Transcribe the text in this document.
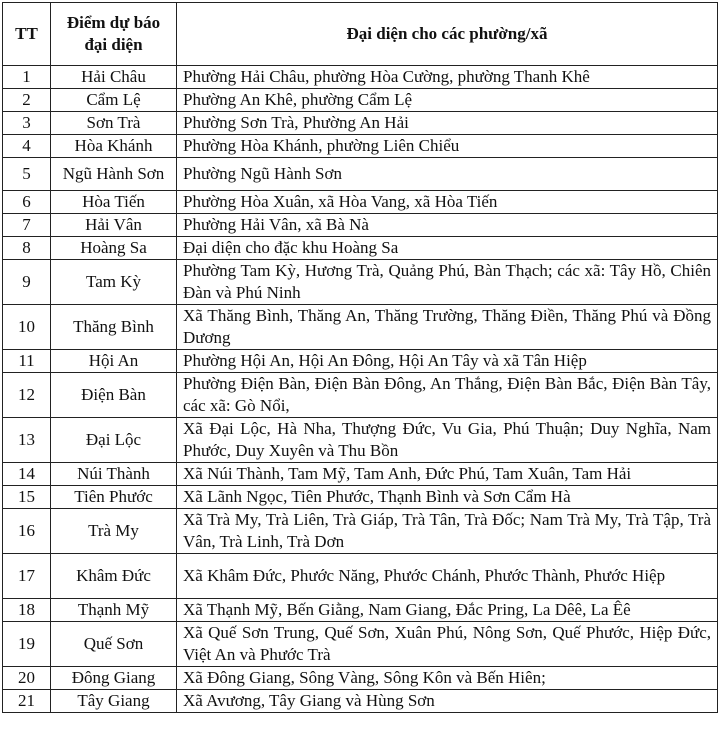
TT	Điểm dự báo đại diện	Đại diện cho các phường/xã
1	Hải Châu	Phường Hải Châu, phường Hòa Cường, phường Thanh Khê
2	Cẩm Lệ	Phường An Khê, phường Cẩm Lệ
3	Sơn Trà	Phường Sơn Trà, Phường An Hải
4	Hòa Khánh	Phường Hòa Khánh, phường Liên Chiểu
5	Ngũ Hành Sơn	Phường Ngũ Hành Sơn
6	Hòa Tiến	Phường Hòa Xuân, xã Hòa Vang, xã Hòa Tiến
7	Hải Vân	Phường Hải Vân, xã Bà Nà
8	Hoàng Sa	Đại diện cho đặc khu Hoàng Sa
9	Tam Kỳ	Phường Tam Kỳ, Hương Trà, Quảng Phú, Bàn Thạch; các xã: Tây Hồ, Chiên Đàn và Phú Ninh
10	Thăng Bình	Xã Thăng Bình, Thăng An, Thăng Trường, Thăng Điền, Thăng Phú và Đồng Dương
11	Hội An	Phường Hội An, Hội An Đông, Hội An Tây và xã Tân Hiệp
12	Điện Bàn	Phường Điện Bàn, Điện Bàn Đông, An Thắng, Điện Bàn Bắc, Điện Bàn Tây, các xã: Gò Nổi,
13	Đại Lộc	Xã Đại Lộc, Hà Nha, Thượng Đức, Vu Gia, Phú Thuận; Duy Nghĩa, Nam Phước, Duy Xuyên và Thu Bồn
14	Núi Thành	Xã Núi Thành, Tam Mỹ, Tam Anh, Đức Phú, Tam Xuân, Tam Hải
15	Tiên Phước	Xã Lãnh Ngọc, Tiên Phước, Thạnh Bình và Sơn Cẩm Hà
16	Trà My	Xã Trà My, Trà Liên, Trà Giáp, Trà Tân, Trà Đốc; Nam Trà My, Trà Tập, Trà Vân, Trà Linh, Trà Dơn
17	Khâm Đức	Xã Khâm Đức, Phước Năng, Phước Chánh, Phước Thành, Phước Hiệp
18	Thạnh Mỹ	Xã Thạnh Mỹ, Bến Giằng, Nam Giang, Đắc Pring, La Dêê, La Êê
19	Quế Sơn	Xã Quế Sơn Trung, Quế Sơn, Xuân Phú, Nông Sơn, Quế Phước, Hiệp Đức, Việt An và Phước Trà
20	Đông Giang	Xã Đông Giang, Sông Vàng, Sông Kôn và Bến Hiên;
21	Tây Giang	Xã Avương, Tây Giang và Hùng Sơn
